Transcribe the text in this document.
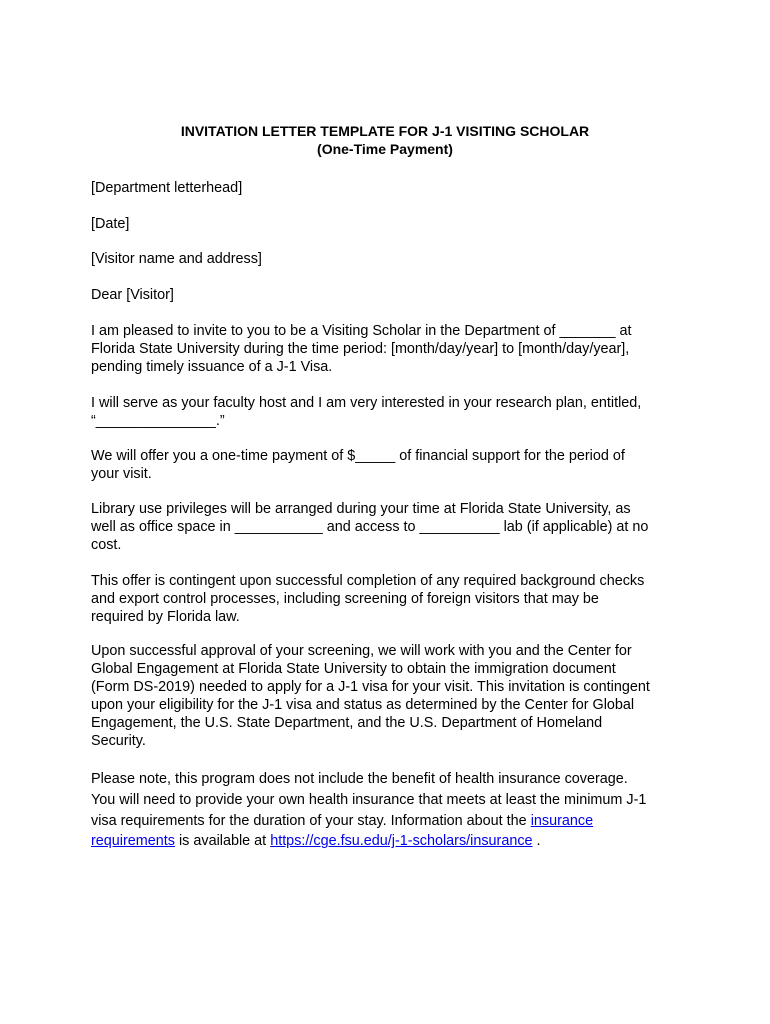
INVITATION LETTER TEMPLATE FOR J-1 VISITING SCHOLAR
(One-Time Payment)
[Department letterhead]
[Date]
[Visitor name and address]
Dear [Visitor]
I am pleased to invite to you to be a Visiting Scholar in the Department of _______ at
Florida State University during the time period: [month/day/year] to [month/day/year],
pending timely issuance of a J-1 Visa.
I will serve as your faculty host and I am very interested in your research plan, entitled,
“_______________.”
We will offer you a one-time payment of $_____ of financial support for the period of
your visit.
Library use privileges will be arranged during your time at Florida State University, as
well as office space in ___________ and access to __________ lab (if applicable) at no
cost.
This offer is contingent upon successful completion of any required background checks
and export control processes, including screening of foreign visitors that may be
required by Florida law.
Upon successful approval of your screening, we will work with you and the Center for
Global Engagement at Florida State University to obtain the immigration document
(Form DS-2019) needed to apply for a J-1 visa for your visit. This invitation is contingent
upon your eligibility for the J-1 visa and status as determined by the Center for Global
Engagement, the U.S. State Department, and the U.S. Department of Homeland
Security.
Please note, this program does not include the benefit of health insurance coverage.
You will need to provide your own health insurance that meets at least the minimum J-1
visa requirements for the duration of your stay. Information about the insurance
requirements is available at https://cge.fsu.edu/j-1-scholars/insurance .
